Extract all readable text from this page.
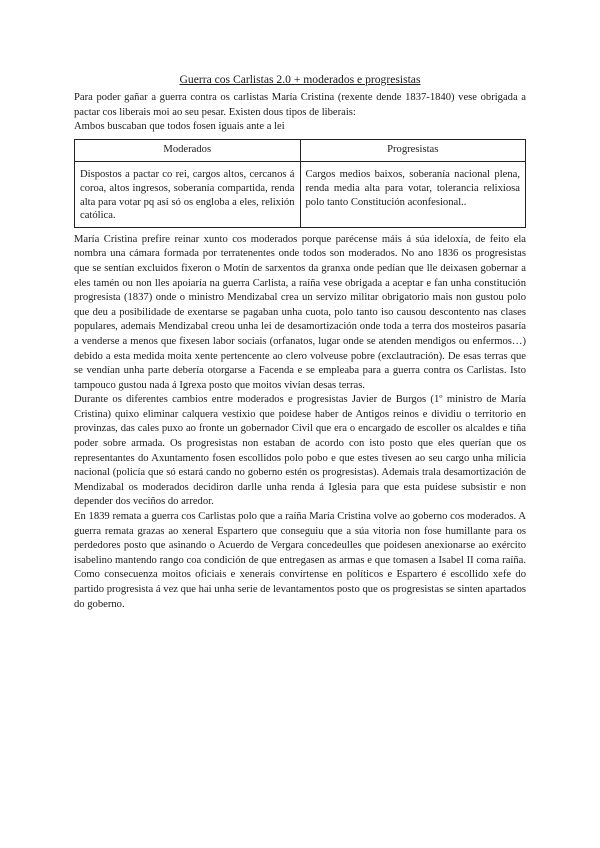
Guerra cos Carlistas 2.0 + moderados e progresistas

Para poder gañar a guerra contra os carlistas María Cristina (rexente dende 1837-1840) vese obrigada a pactar cos liberais moi ao seu pesar. Existen dous tipos de liberais:

Ambos buscaban que todos fosen iguais ante a lei

Moderados	Progresistas
Dispostos a pactar co rei, cargos altos, cercanos á coroa, altos ingresos, soberanía compartida, renda alta para votar pq así só os engloba a eles, relixión católica.	Cargos medios baixos, soberanía nacional plena, renda media alta para votar, tolerancia relixiosa polo tanto Constitución aconfesional..

María Cristina prefire reinar xunto cos moderados porque parécense máis á súa ideloxía, de feito ela nombra una cámara formada por terratenentes onde todos son moderados. No ano 1836 os progresistas que se sentían excluidos fixeron o Motín de sarxentos da granxa onde pedían que lle deixasen gobernar a eles tamén ou non lles apoiaría na guerra Carlista, a raíña vese obrigada a aceptar e fan unha constitución progresista (1837) onde o ministro Mendizabal crea un servizo militar obrigatorio mais non gustou polo que deu a posibilidade de exentarse se pagaban unha cuota, polo tanto iso causou descontento nas clases populares, ademais Mendizabal creou unha lei de desamortización onde toda a terra dos mosteiros pasaría a venderse a menos que fixesen labor sociais (orfanatos, lugar onde se atenden mendigos ou enfermos…) debido a esta medida moita xente pertencente ao clero volveuse pobre (exclautración). De esas terras que se vendían unha parte debería otorgarse a Facenda e se empleaba para a guerra contra os Carlistas. Isto tampouco gustou nada á Igrexa posto que moitos vivían desas terras.

Durante os diferentes cambios entre moderados e progresistas Javier de Burgos (1º ministro de María Cristina) quixo eliminar calquera vestixio que poidese haber de Antigos reinos e dividiu o territorio en provinzas, das cales puxo ao fronte un gobernador Civil que era o encargado de escoller os alcaldes e tiña poder sobre armada. Os progresistas non estaban de acordo con isto posto que eles querían que os representantes do Axuntamento fosen escollidos polo pobo e que estes tivesen ao seu cargo unha milicia nacional (policía que só estará cando no goberno estén os progresistas). Ademais trala desamortización de Mendizabal os moderados decidiron darlle unha renda á Iglesia para que esta puidese subsistir e non depender dos veciños do arredor.

En 1839 remata a guerra cos Carlistas polo que a raíña María Cristina volve ao goberno cos moderados. A guerra remata grazas ao xeneral Espartero que conseguiu que a súa vitoria non fose humillante para os perdedores posto que asinando o Acuerdo de Vergara concedeulles que poidesen anexionarse ao exército isabelino mantendo rango coa condición de que entregasen as armas e que tomasen a Isabel II coma raíña. Como consecuenza moitos oficiais e xenerais convírtense en políticos e Espartero é escollido xefe do partido progresista á vez que hai unha serie de levantamentos posto que os progresistas se sinten apartados do goberno.
